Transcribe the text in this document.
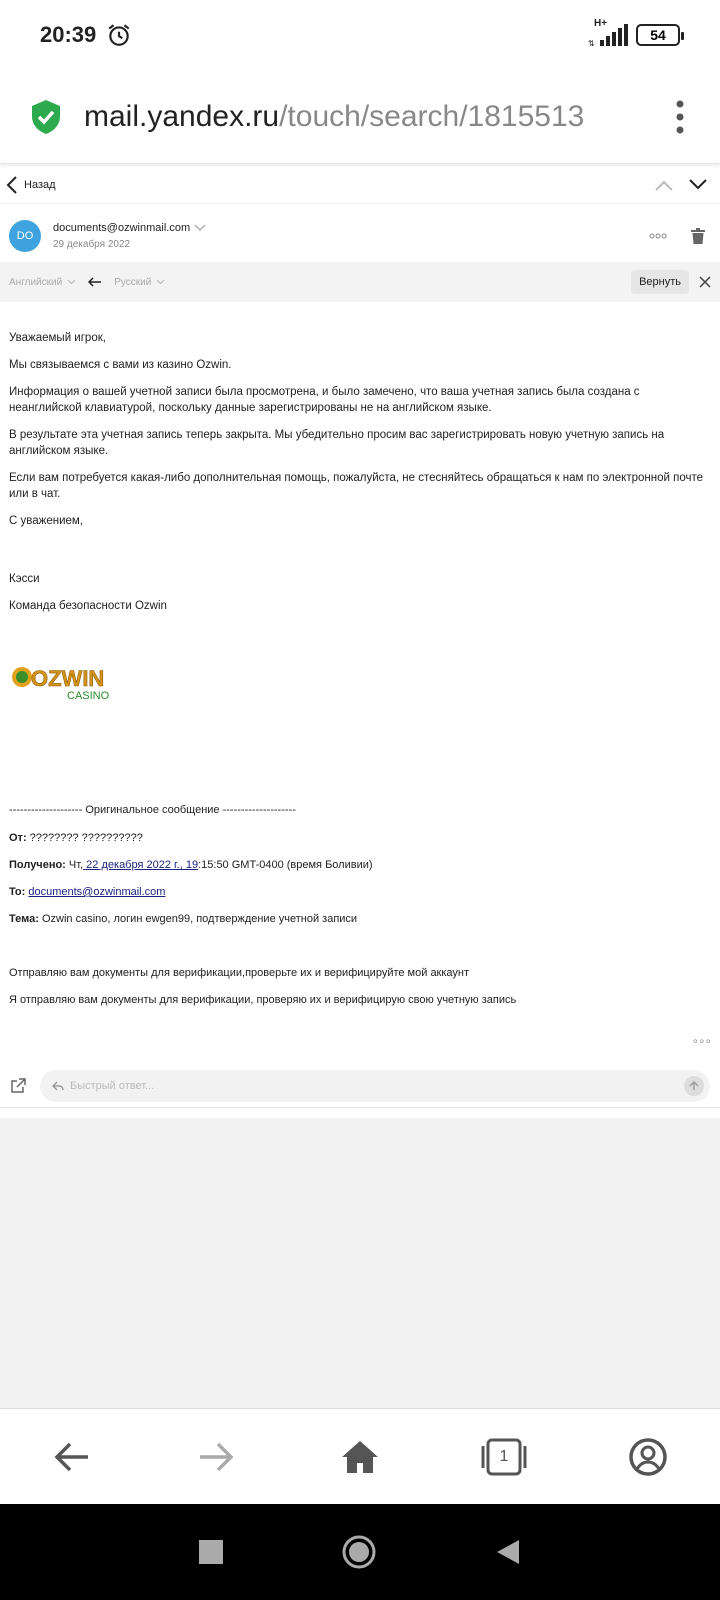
20:39	H+
⇅
54
mail.yandex.ru/touch/search/1815513
Назад
DO
documents@ozwinmail.com
29 декабря 2022
Английский	Русский	Вернуть

Уважаемый игрок,

Мы связываемся с вами из казино Ozwin.

Информация о вашей учетной записи была просмотрена, и было замечено, что ваша учетная запись была создана с неанглийской клавиатурой, поскольку данные зарегистрированы не на английском языке.

В результате эта учетная запись теперь закрыта. Мы убедительно просим вас зарегистрировать новую учетную запись на английском языке.

Если вам потребуется какая-либо дополнительная помощь, пожалуйста, не стесняйтесь обращаться к нам по электронной почте или в чат.

С уважением,

Кэсси

Команда безопасности Ozwin

OZWIN
CASINO
-------------------- Оригинальное сообщение --------------------
От: ???????? ??????????
Получено: Чт, 22 декабря 2022 г., 19:15:50 GMT-0400 (время Боливии)
To: documents@ozwinmail.com
Тема: Ozwin casino, логин ewgen99, подтверждение учетной записи
Отправляю вам документы для верификации,проверьте их и верифицируйте мой аккаунт
Я отправляю вам документы для верификации, проверяю их и верифицирую свою учетную запись
∘∘∘
Быстрый ответ...
1
